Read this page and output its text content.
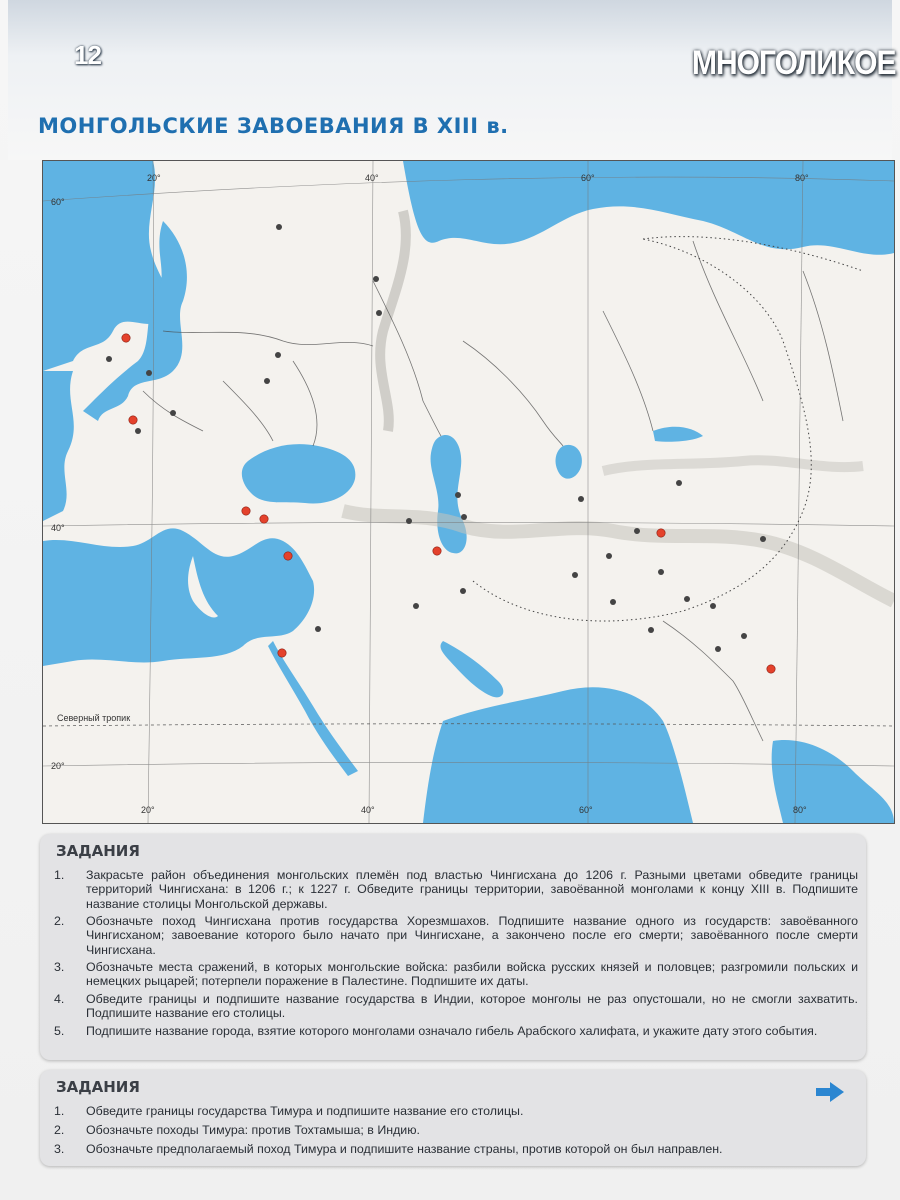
12	МНОГОЛИКОЕ
МОНГОЛЬСКИЕ ЗАВОЕВАНИЯ В XIII в.
20°	40°	60°	80°
20°	40°	60°	80°
60°
40°
20°
Северный тропик
ЗАДАНИЯ
1.	Закрасьте район объединения монгольских племён под властью Чингисхана до 1206 г. Разными цветами обведите границы территорий Чингисхана: в 1206 г.; к 1227 г. Обведите границы территории, завоёванной монголами к концу XIII в. Подпишите название столицы Монгольской державы.
2.	Обозначьте поход Чингисхана против государства Хорезмшахов. Подпишите название одного из государств: завоёванного Чингисханом; завоевание которого было начато при Чингисхане, а закончено после его смерти; завоёванного после смерти Чингисхана.
3.	Обозначьте места сражений, в которых монгольские войска: разбили войска русских князей и половцев; разгромили польских и немецких рыцарей; потерпели поражение в Палестине. Подпишите их даты.
4.	Обведите границы и подпишите название государства в Индии, которое монголы не раз опустошали, но не смогли захватить. Подпишите название его столицы.
5.	Подпишите название города, взятие которого монголами означало гибель Арабского халифата, и укажите дату этого события.
ЗАДАНИЯ
1.	Обведите границы государства Тимура и подпишите название его столицы.
2.	Обозначьте походы Тимура: против Тохтамыша; в Индию.
3.	Обозначьте предполагаемый поход Тимура и подпишите название страны, против которой он был направлен.
